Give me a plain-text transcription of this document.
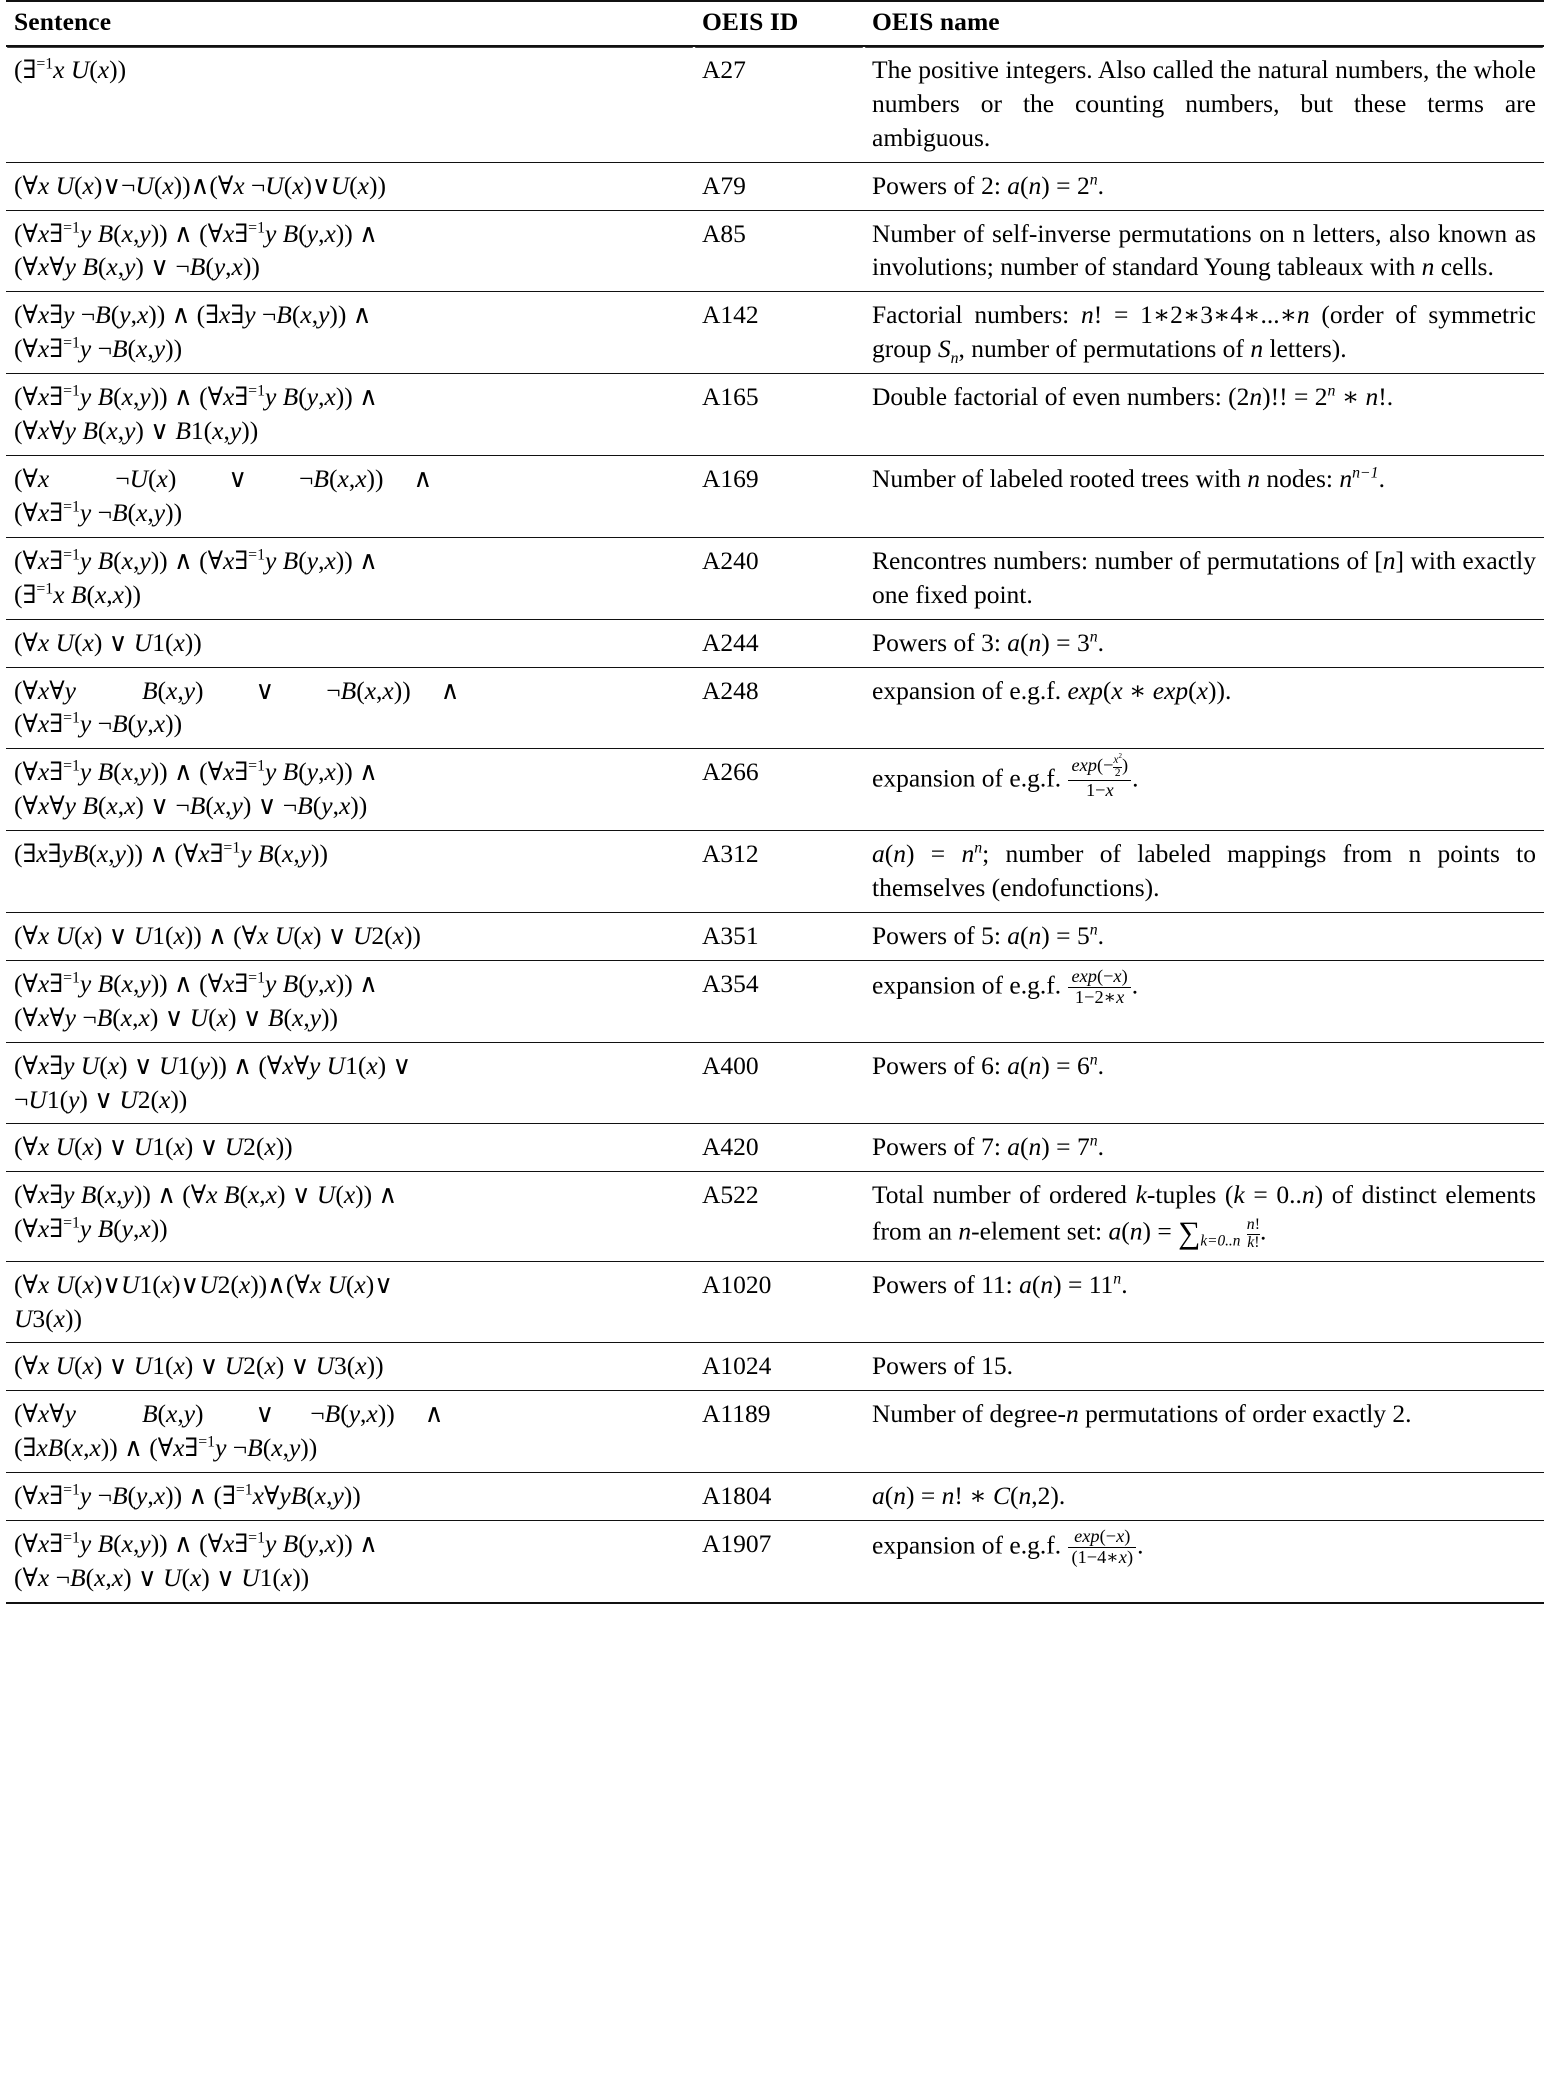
Sentence	OEIS ID	OEIS name
(∃$^{=1}$x U(x))	A27	The positive integers. Also called the natural numbers, the whole numbers or the counting numbers, but these terms are ambiguous.
(∀x U(x)∨¬U(x))∧(∀x ¬U(x)∨U(x))	A79	Powers of 2: $a(n) = 2^n$.
(∀x∃$^{=1}$y B(x,y)) ∧ (∀x∃$^{=1}$y B(y,x)) ∧
(∀x∀y B(x,y) ∨ ¬B(y,x))	A85	Number of self-inverse permutations on n letters, also known as involutions; number of standard Young tableaux with n cells.
(∀x∃y ¬B(y,x)) ∧ (∃x∃y ¬B(x,y)) ∧
(∀x∃$^{=1}$y ¬B(x,y))	A142	Factorial numbers: n! = 1∗2∗3∗4∗...∗n (order of symmetric group $S_n$, number of permutations of n letters).
(∀x∃$^{=1}$y B(x,y)) ∧ (∀x∃$^{=1}$y B(y,x)) ∧
(∀x∀y B(x,y) ∨ B1(x,y))	A165	Double factorial of even numbers: (2n)!! = $2^n$ ∗ n!.
(∀x ¬U(x) ∨ ¬B(x,x)) ∧
(∀x∃$^{=1}$y ¬B(x,y))	A169	Number of labeled rooted trees with n nodes: $n^{n-1}$.
(∀x∃$^{=1}$y B(x,y)) ∧ (∀x∃$^{=1}$y B(y,x)) ∧
(∃$^{=1}$x B(x,x))	A240	Rencontres numbers: number of permutations of [n] with exactly one fixed point.
(∀x U(x) ∨ U1(x))	A244	Powers of 3: $a(n) = 3^n$.
(∀x∀y B(x,y) ∨ ¬B(x,x)) ∧
(∀x∃$^{=1}$y ¬B(y,x))	A248	expansion of e.g.f. exp(x ∗ exp(x)).
(∀x∃$^{=1}$y B(x,y)) ∧ (∀x∃$^{=1}$y B(y,x)) ∧
(∀x∀y B(x,x) ∨ ¬B(x,y) ∨ ¬B(y,x))	A266	expansion of e.g.f. $\frac{\exp(- \frac{x^2}{2} )}{1-x}$ .
(∃x∃yB(x,y)) ∧ (∀x∃$^{=1}$y B(x,y))	A312	$a(n) = n^n$; number of labeled mappings from n points to themselves (endofunctions).
(∀x U(x) ∨ U1(x)) ∧ (∀x U(x) ∨ U2(x))	A351	Powers of 5: $a(n) = 5^n$.
(∀x∃$^{=1}$y B(x,y)) ∧ (∀x∃$^{=1}$y B(y,x)) ∧
(∀x∀y ¬B(x,x) ∨ U(x) ∨ B(x,y))	A354	expansion of e.g.f. $\frac{\exp(-x)}{1-2∗x}$ .
(∀x∃y U(x) ∨ U1(y)) ∧ (∀x∀y U1(x) ∨
¬U1(y) ∨ U2(x))	A400	Powers of 6: $a(n) = 6^n$.
(∀x U(x) ∨ U1(x) ∨ U2(x))	A420	Powers of 7: $a(n) = 7^n$.
(∀x∃y B(x,y)) ∧ (∀x B(x,x) ∨ U(x)) ∧
(∀x∃$^{=1}$y B(y,x))	A522	Total number of ordered k-tuples (k = 0..n) of distinct elements from an n-element set: $a(n) = \sum_{k=0..n} \frac{n!}{k!}$ .
(∀x U(x)∨U1(x)∨U2(x))∧(∀x U(x)∨
U3(x))	A1020	Powers of 11: $a(n) = 11^n$.
(∀x U(x) ∨ U1(x) ∨ U2(x) ∨ U3(x))	A1024	Powers of 15.
(∀x∀y B(x,y) ∨ ¬B(y,x)) ∧
(∃xB(x,x)) ∧ (∀x∃$^{=1}$y ¬B(x,y))	A1189	Number of degree-n permutations of order exactly 2.
(∀x∃$^{=1}$y ¬B(y,x)) ∧ (∃$^{=1}$x∀yB(x,y))	A1804	a(n) = n! ∗ C(n,2).
(∀x∃$^{=1}$y B(x,y)) ∧ (∀x∃$^{=1}$y B(y,x)) ∧
(∀x ¬B(x,x) ∨ U(x) ∨ U1(x))	A1907	expansion of e.g.f. $\frac{\exp(-x)}{(1-4∗x)}$ .
